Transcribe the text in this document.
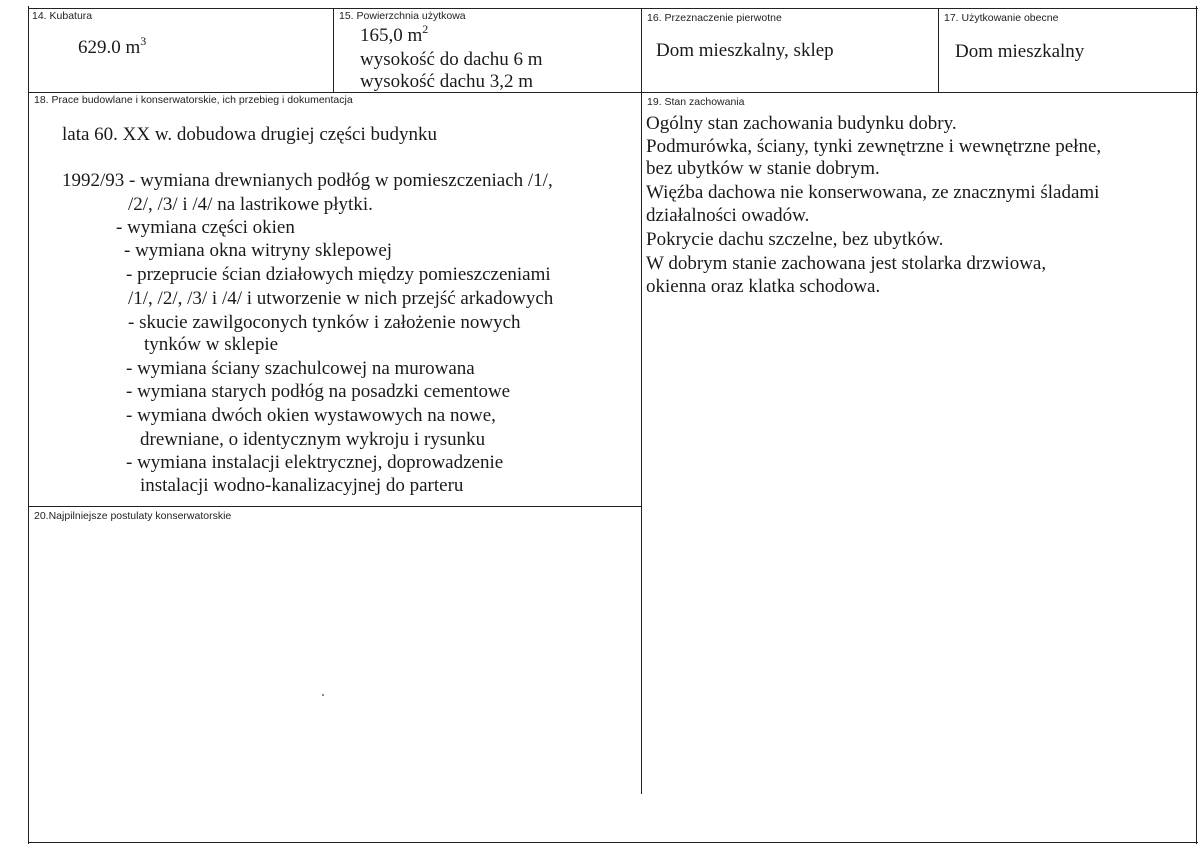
14. Kubatura
629.0 $m^3$
15. Powierzchnia użytkowa
165,0 $m^2$
wysokość do dachu 6 m
wysokość dachu 3,2 m
16. Przeznaczenie pierwotne
Dom mieszkalny, sklep
17. Użytkowanie obecne
Dom mieszkalny
18. Prace budowlane i konserwatorskie, ich przebieg i dokumentacja
lata 60. XX w. dobudowa drugiej części budynku
1992/93 - wymiana drewnianych podłóg w pomieszczeniach /1/,
/2/, /3/ i /4/ na lastrikowe płytki.
- wymiana części okien
- wymiana okna witryny sklepowej
- przeprucie ścian działowych między pomieszczeniami
/1/, /2/, /3/ i /4/ i utworzenie w nich przejść arkadowych
- skucie zawilgoconych tynków i założenie nowych
tynków w sklepie
- wymiana ściany szachulcowej na murowana
- wymiana starych podłóg na posadzki cementowe
- wymiana dwóch okien wystawowych na nowe,
drewniane, o identycznym wykroju i rysunku
- wymiana instalacji elektrycznej, doprowadzenie
instalacji wodno-kanalizacyjnej do parteru
19. Stan zachowania
Ogólny stan zachowania budynku dobry.
Podmurówka, ściany, tynki zewnętrzne i wewnętrzne pełne,
bez ubytków w stanie dobrym.
Więźba dachowa nie konserwowana, ze znacznymi śladami
działalności owadów.
Pokrycie dachu szczelne, bez ubytków.
W dobrym stanie zachowana jest stolarka drzwiowa,
okienna oraz klatka schodowa.
20.Najpilniejsze postulaty konserwatorskie
